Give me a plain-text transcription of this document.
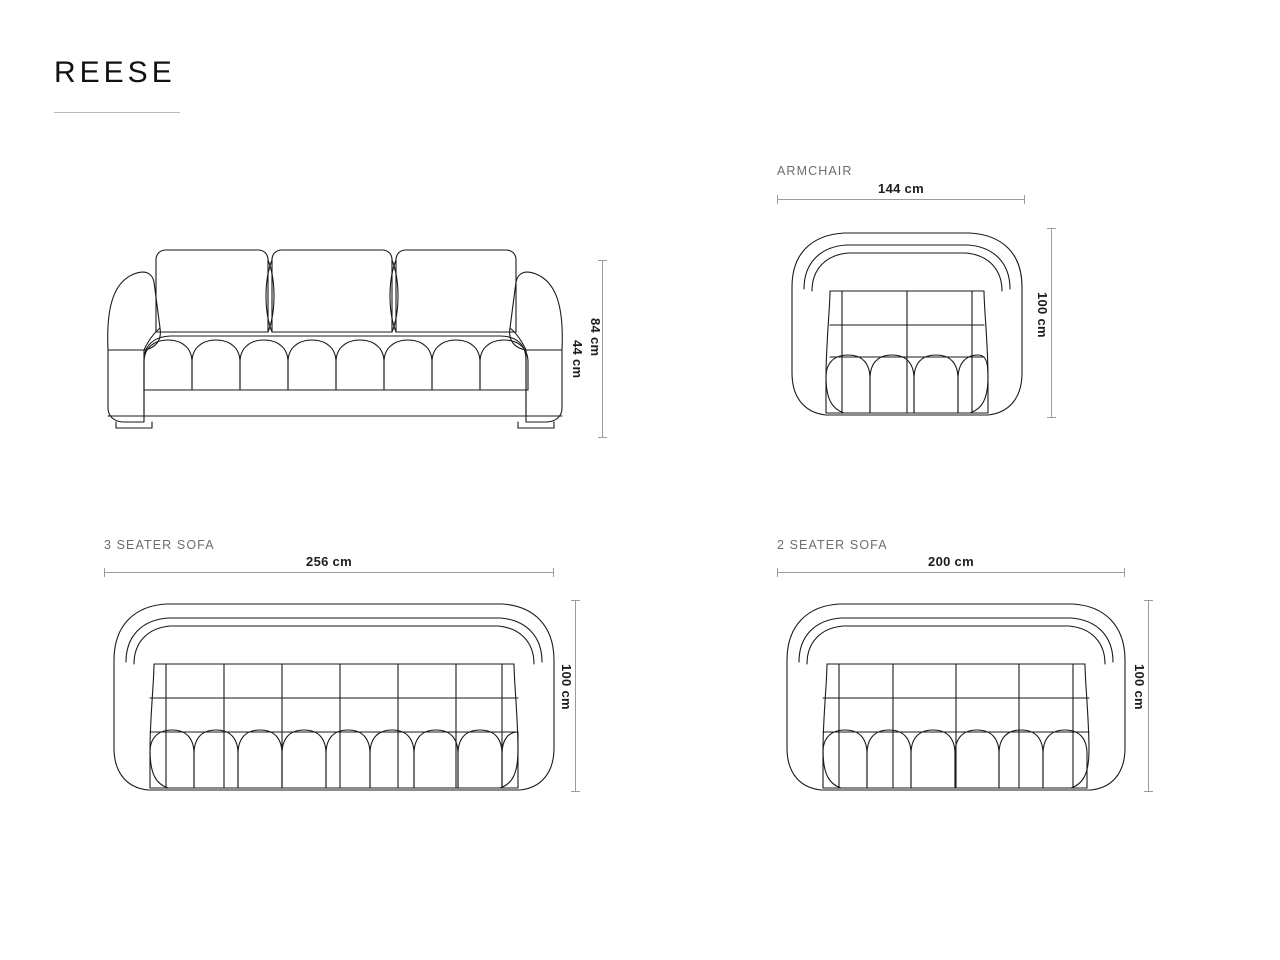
REESE
84 cm
44 cm
ARMCHAIR
144 cm
100 cm
3 SEATER SOFA
256 cm
100 cm
2 SEATER SOFA
200 cm
100 cm
